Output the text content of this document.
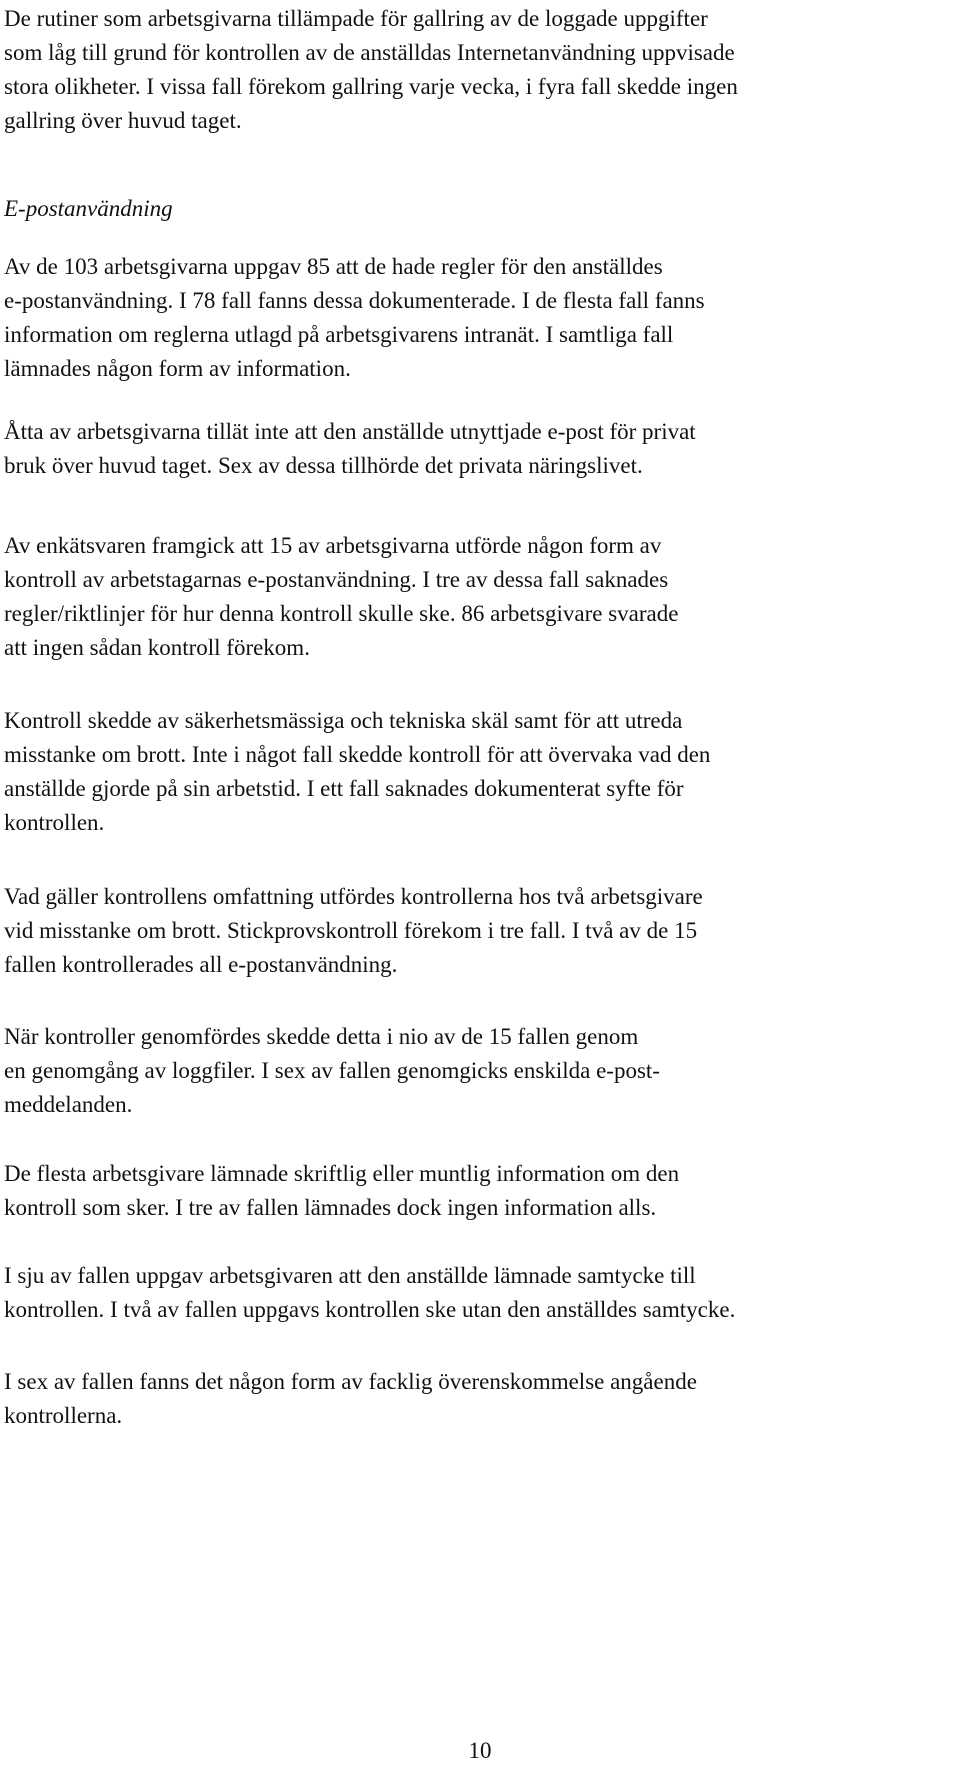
De rutiner som arbetsgivarna tillämpade för gallring av de loggade uppgifter
som låg till grund för kontrollen av de anställdas Internetanvändning uppvisade
stora olikheter. I vissa fall förekom gallring varje vecka, i fyra fall skedde ingen
gallring över huvud taget.

E-postanvändning

Av de 103 arbetsgivarna uppgav 85 att de hade regler för den anställdes
e-postanvändning. I 78 fall fanns dessa dokumenterade. I de flesta fall fanns
information om reglerna utlagd på arbetsgivarens intranät. I samtliga fall
lämnades någon form av information.

Åtta av arbetsgivarna tillät inte att den anställde utnyttjade e-post för privat
bruk över huvud taget. Sex av dessa tillhörde det privata näringslivet.

Av enkätsvaren framgick att 15 av arbetsgivarna utförde någon form av
kontroll av arbetstagarnas e-postanvändning. I tre av dessa fall saknades
regler/riktlinjer för hur denna kontroll skulle ske. 86 arbetsgivare svarade
att ingen sådan kontroll förekom.

Kontroll skedde av säkerhetsmässiga och tekniska skäl samt för att utreda
misstanke om brott. Inte i något fall skedde kontroll för att övervaka vad den
anställde gjorde på sin arbetstid. I ett fall saknades dokumenterat syfte för
kontrollen.

Vad gäller kontrollens omfattning utfördes kontrollerna hos två arbetsgivare
vid misstanke om brott. Stickprovskontroll förekom i tre fall. I två av de 15
fallen kontrollerades all e-postanvändning.

När kontroller genomfördes skedde detta i nio av de 15 fallen genom
en genomgång av loggfiler. I sex av fallen genomgicks enskilda e-post-
meddelanden.

De flesta arbetsgivare lämnade skriftlig eller muntlig information om den
kontroll som sker. I tre av fallen lämnades dock ingen information alls.

I sju av fallen uppgav arbetsgivaren att den anställde lämnade samtycke till
kontrollen. I två av fallen uppgavs kontrollen ske utan den anställdes samtycke.

I sex av fallen fanns det någon form av facklig överenskommelse angående
kontrollerna.

10
